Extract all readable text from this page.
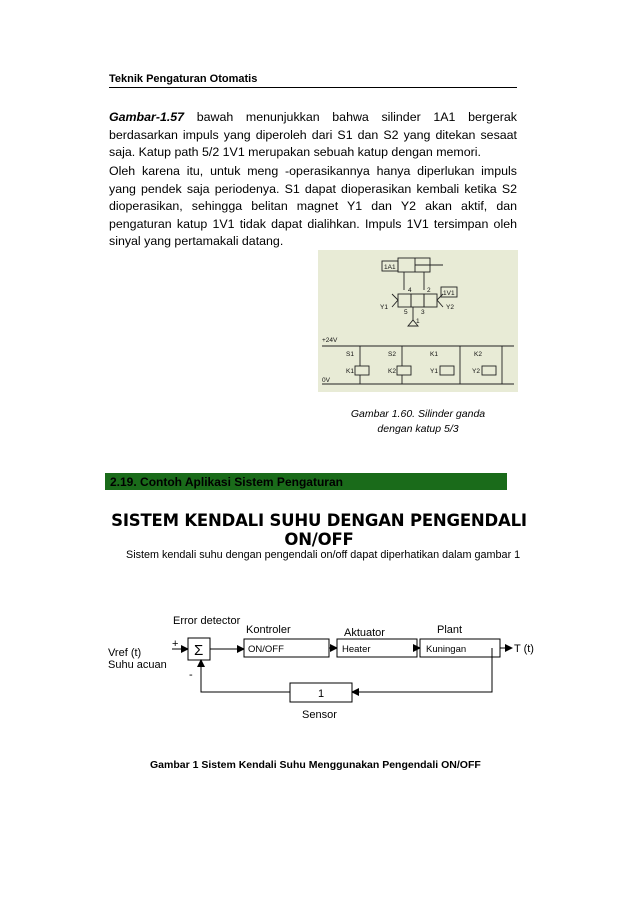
Teknik Pengaturan Otomatis
Gambar-1.57 bawah menunjukkan bahwa silinder 1A1 bergerak berdasarkan impuls yang diperoleh dari S1 dan S2 yang ditekan sesaat saja. Katup path 5/2 1V1 merupakan sebuah katup dengan memori.
Oleh karena itu, untuk meng -operasikannya hanya diperlukan impuls yang pendek saja periodenya. S1 dapat dioperasikan kembali ketika S2 dioperasikan, sehingga belitan magnet Y1 dan Y2 akan aktif, dan pengaturan katup 1V1 tidak dapat dialihkan. Impuls 1V1 tersimpan oleh sinyal yang pertamakali datang.
1A1
1V1
4 2
5 3
1
Y1	Y2
+24V
0V
S1	S2	K1	K2
K1	K2	Y1	Y2
Gambar 1.60. Silinder ganda
dengan katup 5/3
2.19. Contoh Aplikasi Sistem Pengaturan
SISTEM KENDALI SUHU DENGAN PENGENDALI ON/OFF
Sistem kendali suhu dengan pengendali on/off dapat diperhatikan dalam gambar 1
Error detector
Kontroler	Aktuator	Plant
Vref (t)
Suhu acuan
+
-
Σ	ON/OFF	Heater	Kuningan	T (t)
1
Sensor
Gambar 1 Sistem Kendali Suhu Menggunakan Pengendali ON/OFF
